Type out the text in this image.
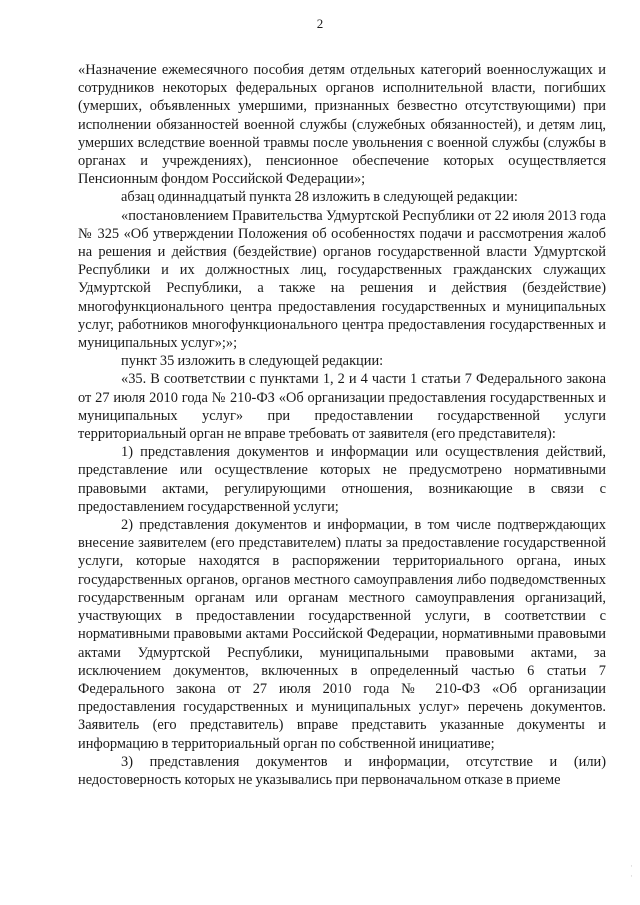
2

«Назначение ежемесячного пособия детям отдельных категорий военнослужащих и сотрудников некоторых федеральных органов исполнительной власти, погибших (умерших, объявленных умершими, признанных безвестно отсутствующими) при исполнении обязанностей военной службы (служебных обязанностей), и детям лиц, умерших вследствие военной травмы после увольнения с военной службы (службы в органах и учреждениях), пенсионное обеспечение которых осуществляется Пенсионным фондом Российской Федерации»;

абзац одиннадцатый пункта 28 изложить в следующей редакции:

«постановлением Правительства Удмуртской Республики от 22 июля 2013 года № 325 «Об утверждении Положения об особенностях подачи и рассмотрения жалоб на решения и действия (бездействие) органов государственной власти Удмуртской Республики и их должностных лиц, государственных гражданских служащих Удмуртской Республики, а также на решения и действия (бездействие) многофункционального центра предоставления государственных и муниципальных услуг, работников многофункционального центра предоставления государственных и муниципальных услуг»;»;

пункт 35 изложить в следующей редакции:

«35. В соответствии с пунктами 1, 2 и 4 части 1 статьи 7 Федерального закона от 27 июля 2010 года № 210-ФЗ «Об организации предоставления государственных и муниципальных услуг» при предоставлении государственной услуги территориальный орган не вправе требовать от заявителя (его представителя):

1) представления документов и информации или осуществления действий, представление или осуществление которых не предусмотрено нормативными правовыми актами, регулирующими отношения, возникающие в связи с предоставлением государственной услуги;

2) представления документов и информации, в том числе подтверждающих внесение заявителем (его представителем) платы за предоставление государственной услуги, которые находятся в распоряжении территориального органа, иных государственных органов, органов местного самоуправления либо подведомственных государственным органам или органам местного самоуправления организаций, участвующих в предоставлении государственной услуги, в соответствии с нормативными правовыми актами Российской Федерации, нормативными правовыми актами Удмуртской Республики, муниципальными правовыми актами, за исключением документов, включенных в определенный частью 6 статьи 7 Федерального закона от 27 июля 2010 года № 210-ФЗ «Об организации предоставления государственных и муниципальных услуг» перечень документов. Заявитель (его представитель) вправе представить указанные документы и информацию в территориальный орган по собственной инициативе;

3) представления документов и информации, отсутствие и (или) недостоверность которых не указывались при первоначальном отказе в приеме

·
·
